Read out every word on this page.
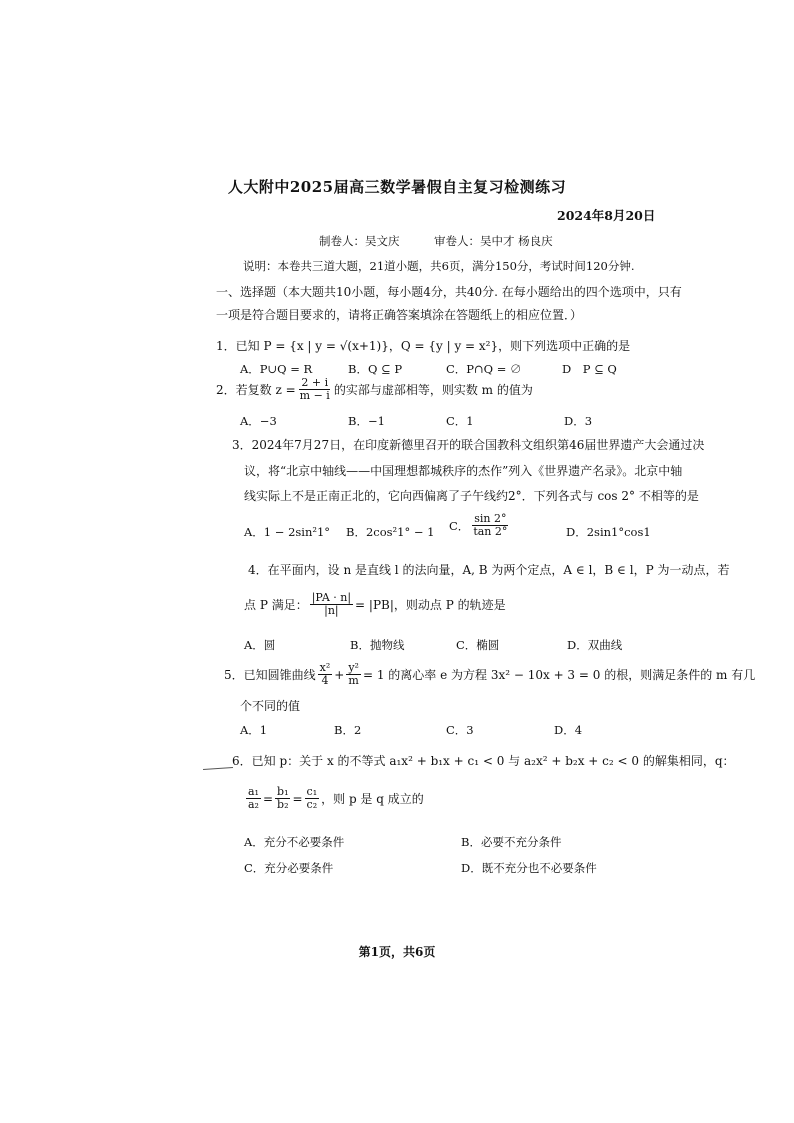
人大附中2025届高三数学暑假自主复习检测练习
2024年8月20日
制卷人：吴文庆　　　审卷人：吴中才 杨良庆
说明：本卷共三道大题，21道小题，共6页，满分150分，考试时间120分钟.
一、选择题（本大题共10小题，每小题4分，共40分. 在每小题给出的四个选项中，只有
一项是符合题目要求的，请将正确答案填涂在答题纸上的相应位置．）
1．已知 P = {x | y = √(x+1)}，Q = {y | y = x²}，则下列选项中正确的是
A．P∪Q = R	B．Q ⊆ P	C．P∩Q = ∅	D　P ⊆ Q
2．若复数 $z = \frac{2 + i}{m - i}$ 的实部与虚部相等，则实数 m 的值为
A．−3	B．−1	C．1	D．3
3．2024年7月27日，在印度新德里召开的联合国教科文组织第46届世界遗产大会通过决
议，将“北京中轴线——中国理想都城秩序的杰作”列入《世界遗产名录》。北京中轴
线实际上不是正南正北的，它向西偏离了子午线约2°．下列各式与 cos 2° 不相等的是
A．1 − 2sin²1° B．2cos²1° − 1 C． $\frac{\sin 2^\circ}{\tan 2^\circ}$	D．2sin1°cos1
4．在平面内，设 n 是直线 l 的法向量，A, B 为两个定点，A ∈ l，B ∈ l，P 为一动点，若
点 P 满足： $\frac{|PA \cdot n|}{|n|} = |PB|$，则动点 P 的轨迹是
A．圆	B．抛物线	C．椭圆	D．双曲线
5．已知圆锥曲线 $\frac{\text{x²}}{4} + \frac{\text{y²}}{m} = 1$ 的离心率 e 为方程 3x² − 10x + 3 = 0 的根，则满足条件的 m 有几
个不同的值
A．1	B．2	C．3	D．4
6．已知 p：关于 x 的不等式 a₁x² + b₁x + c₁ < 0 与 a₂x² + b₂x + c₂ < 0 的解集相同，q：
$\frac{\text{a₁}}{\text{a₂}} = \frac{\text{b₁}}{\text{b₂}} = \frac{\text{c₁}}{\text{c₂}}$ ，则 p 是 q 成立的
A．充分不必要条件	B．必要不充分条件
C．充分必要条件	D．既不充分也不必要条件
第1页，共6页
